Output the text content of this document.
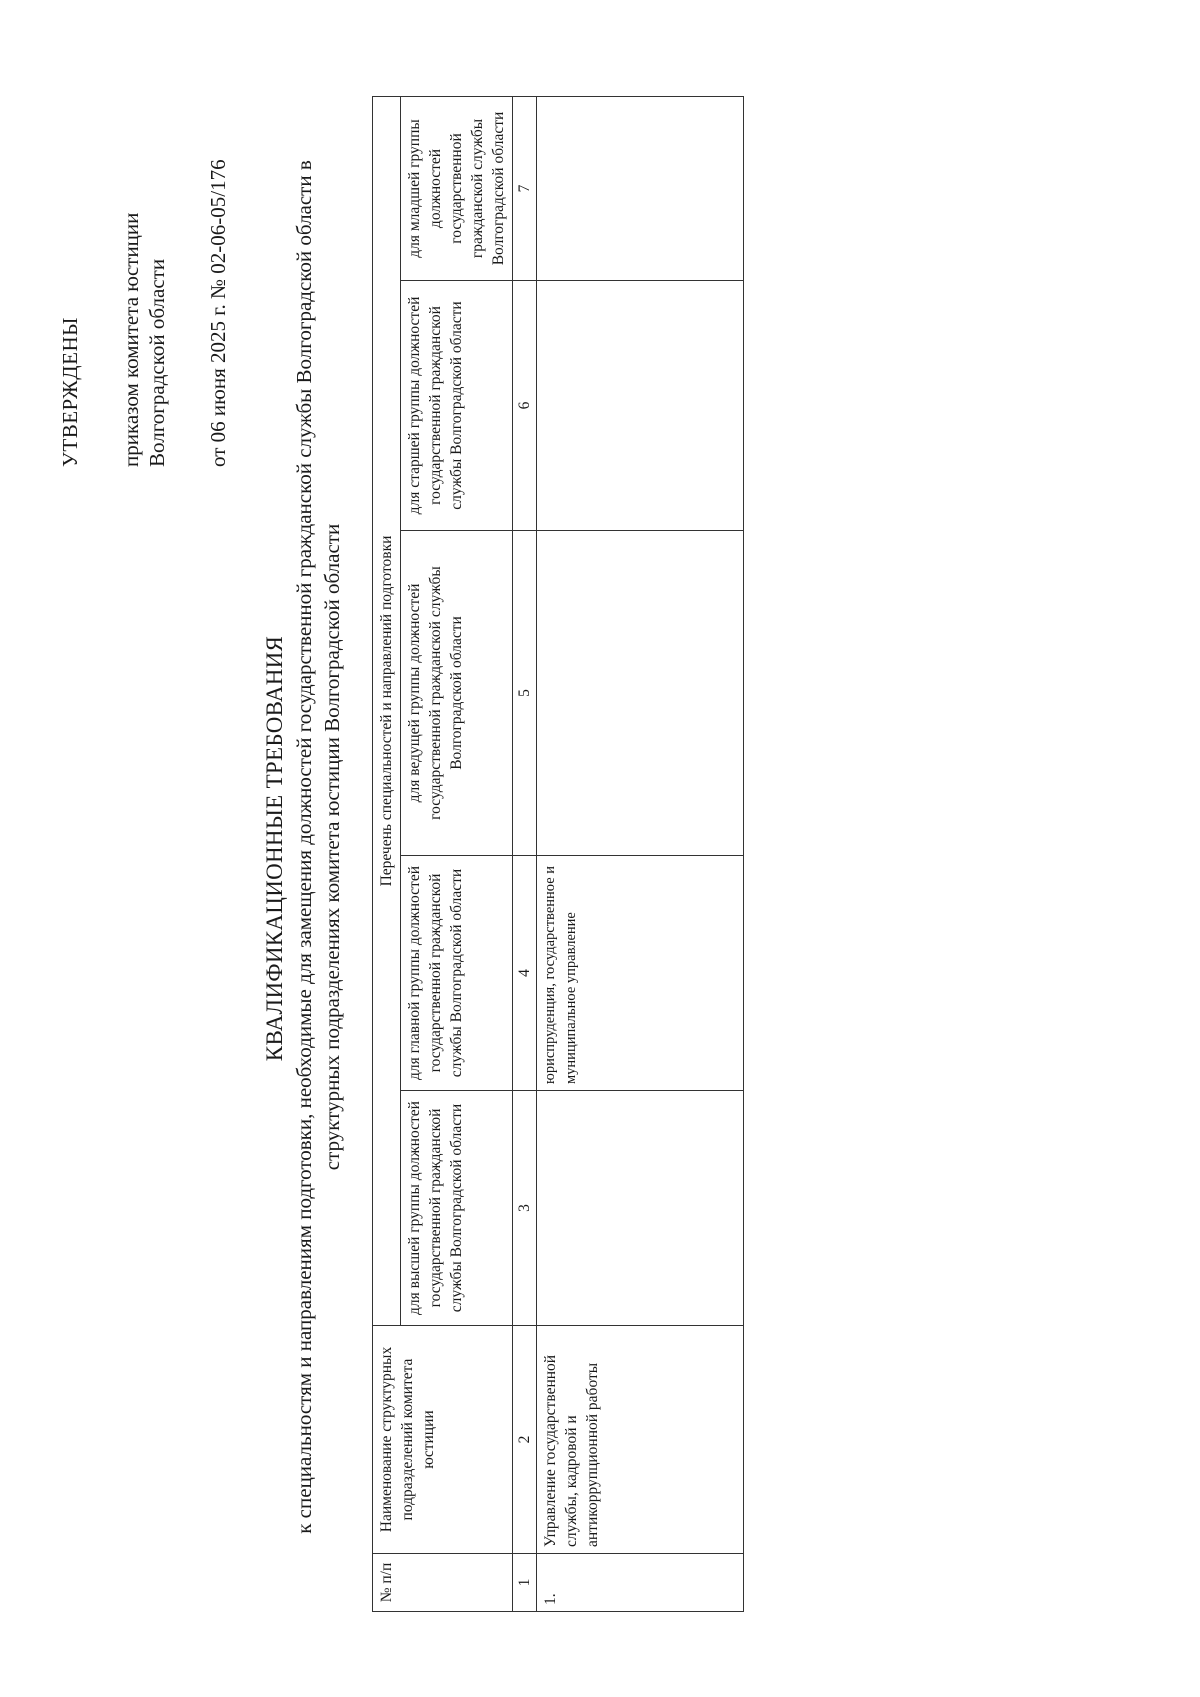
УТВЕРЖДЕНЫ приказом комитета юстиции Волгоградской области от 06 июня 2025 г. № 02-06-05/176
КВАЛИФИКАЦИОННЫЕ ТРЕБОВАНИЯ к специальностям и направлениям подготовки, необходимые для замещения должностей государственной гражданской службы Волгоградской области в структурных подразделениях комитета юстиции Волгоградской области
№ п/п	Наименование структурных подразделений комитета юстиции	Перечень специальностей и направлений подготовки				
		для высшей группы должностей государственной гражданской службы Волгоградской области	для главной группы должностей государственной гражданской службы Волгоградской области	для ведущей группы должностей государственной гражданской службы Волгоградской области	для старшей группы должностей государственной гражданской службы Волгоградской области	для младшей группы должностей государственной гражданской службы Волгоградской области
1	2	3	4	5	6	7
1.	Управление государственной службы, кадровой и антикоррупционной работы		юриспруденция, государственное и муниципальное управление			
